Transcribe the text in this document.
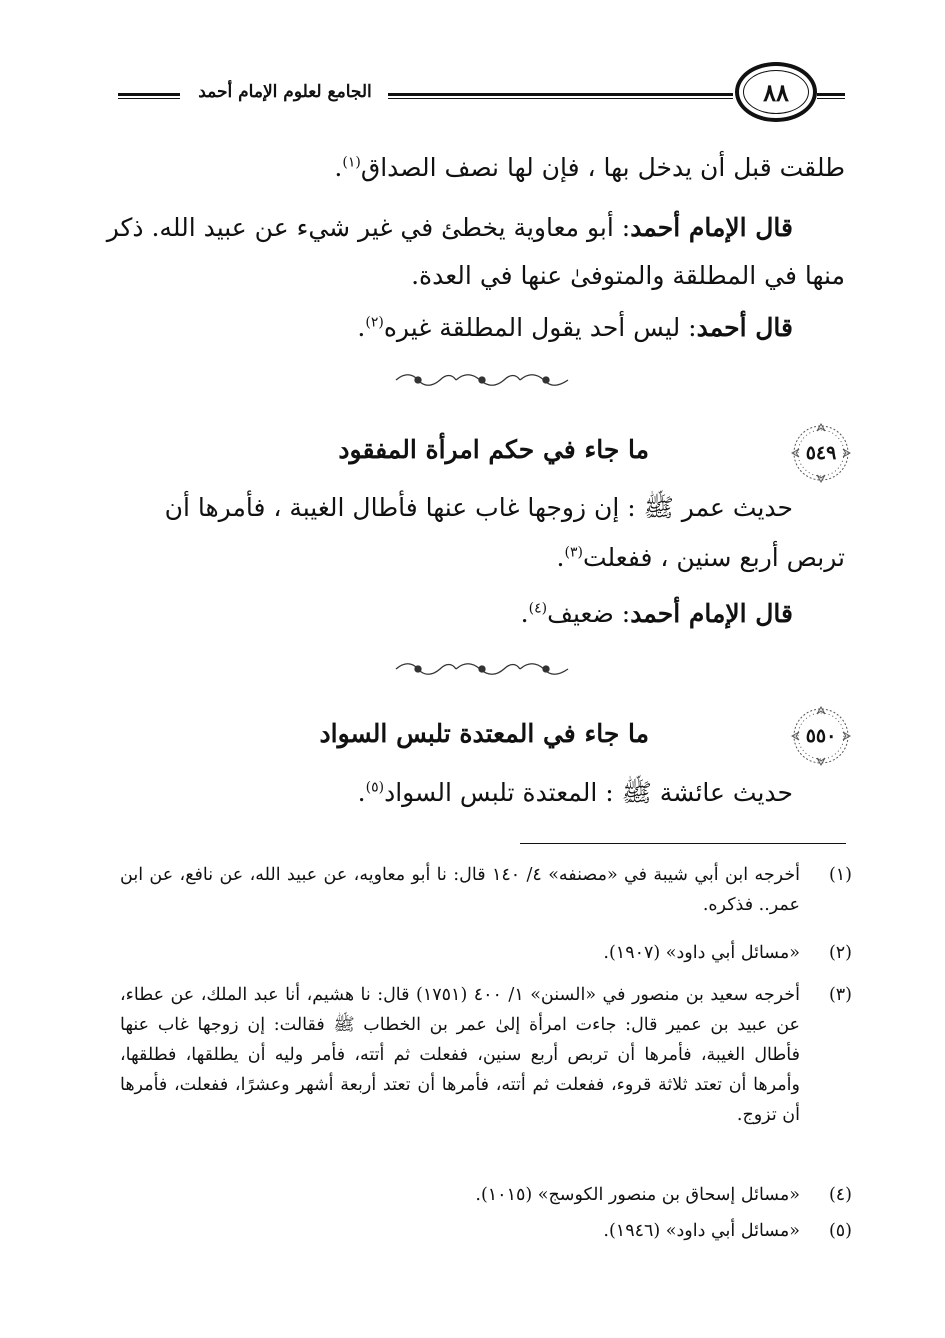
الجامع لعلوم الإمام أحمد	٨٨
طلقت قبل أن يدخل بها ، فإن لها نصف الصداق$^{(١)}$.
قال الإمام أحمد: أبو معاوية يخطئ في غير شيء عن عبيد الله. ذكر
منها في المطلقة والمتوفىٰ عنها في العدة.
قال أحمد: ليس أحد يقول المطلقة غيره$^{(٢)}$.
٥٤٩
ما جاء في حكم امرأة المفقود
حديث عمر ﷺ : إن زوجها غاب عنها فأطال الغيبة ، فأمرها أن
تربص أربع سنين ، ففعلت$^{(٣)}$.
قال الإمام أحمد: ضعيف$^{(٤)}$.
٥٥٠
ما جاء في المعتدة تلبس السواد
حديث عائشة ﷺ : المعتدة تلبس السواد$^{(٥)}$.
(١)
أخرجه ابن أبي شيبة في «مصنفه» ٤/ ١٤٠ قال: نا أبو معاويه، عن عبيد الله، عن نافع، عن ابن عمر.. فذكره.
(٢)
«مسائل أبي داود» (١٩٠٧).
(٣)
أخرجه سعيد بن منصور في «السنن» ١/ ٤٠٠ (١٧٥١) قال: نا هشيم، أنا عبد الملك، عن عطاء، عن عبيد بن عمير قال: جاءت امرأة إلىٰ عمر بن الخطاب ﷺ فقالت: إن زوجها غاب عنها فأطال الغيبة، فأمرها أن تربص أربع سنين، ففعلت ثم أتته، فأمر وليه أن يطلقها، فطلقها، وأمرها أن تعتد ثلاثة قروء، ففعلت ثم أتته، فأمرها أن تعتد أربعة أشهر وعشرًا، ففعلت، فأمرها أن تزوج.
(٤)
«مسائل إسحاق بن منصور الكوسج» (١٠١٥).
(٥)
«مسائل أبي داود» (١٩٤٦).
